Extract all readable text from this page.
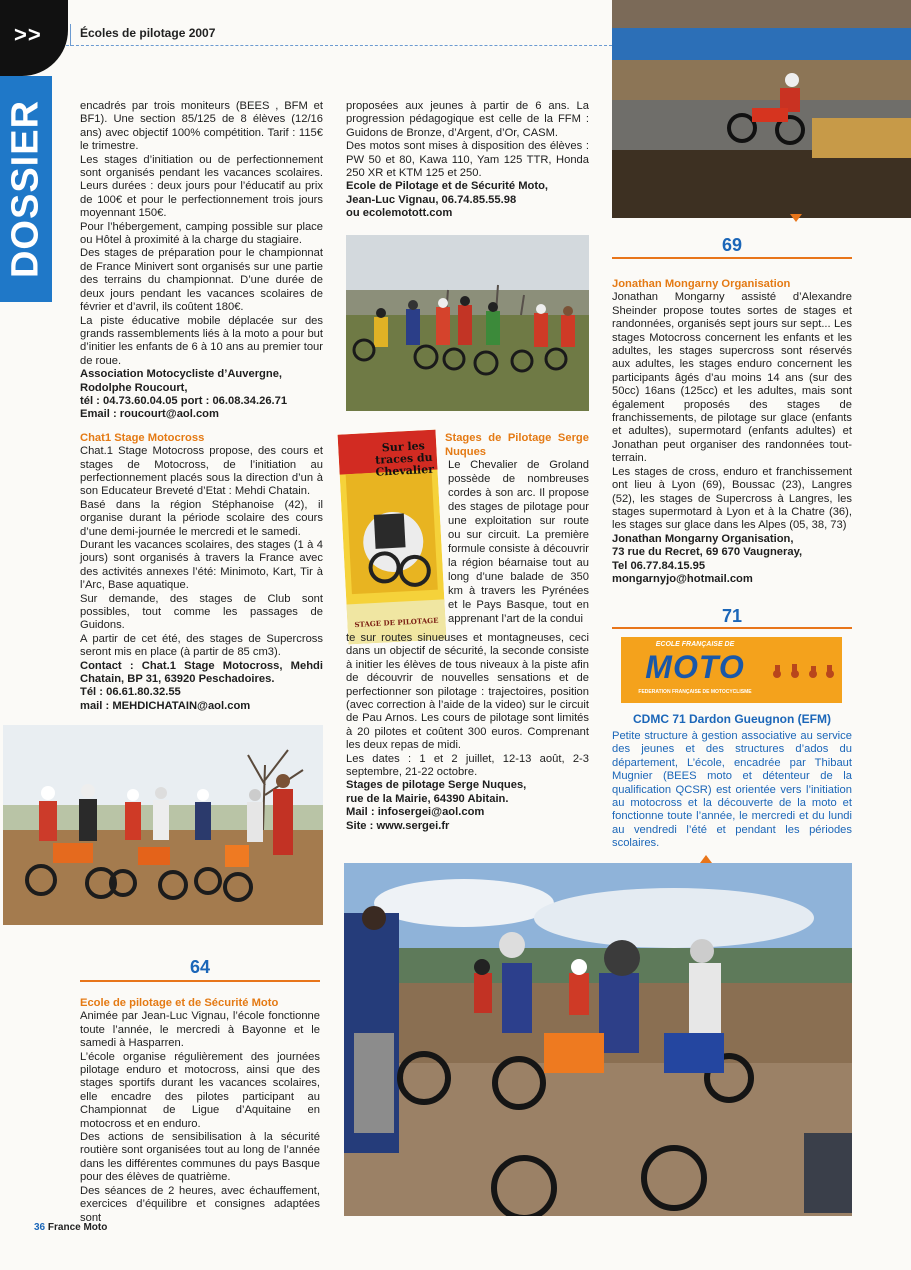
>>
DOSSIER
Écoles de pilotage 2007

encadrés par trois moniteurs (BEES , BFM et BF1). Une section 85/125 de 8 élèves (12/16 ans) avec objectif 100% compétition. Tarif : 115€ le trimestre.

Les stages d’initiation ou de perfectionnement sont organisés pendant les vacances scolaires. Leurs durées : deux jours pour l’éducatif au prix de 100€ et pour le perfectionnement trois jours moyennant 150€.

Pour l’hébergement, camping possible sur place ou Hôtel à proximité à la charge du stagiaire.

Des stages de préparation pour le championnat de France Minivert sont organisés sur une partie des terrains du championnat. D’une durée de deux jours pendant les vacances scolaires de février et d’avril, ils coûtent 180€.

La piste éducative mobile déplacée sur des grands rassemblements liés à la moto a pour but d’initier les enfants de 6 à 10 ans au premier tour de roue.

Association Motocycliste d’Auvergne,

Rodolphe Roucourt,

tél : 04.73.60.04.05 port : 06.08.34.26.71

Email : roucourt@aol.com

Chat1 Stage Motocross

Chat.1 Stage Motocross propose, des cours et stages de Motocross, de l’initiation au perfectionnement placés sous la direction d’un à son Educateur Breveté d’Etat : Mehdi Chatain.

Basé dans la région Stéphanoise (42), il organise durant la période scolaire des cours d’une demi-journée le mercredi et le samedi.

Durant les vacances scolaires, des stages (1 à 4 jours) sont organisés à travers la France avec des activités annexes l’été: Minimoto, Kart, Tir à l’Arc, Base aquatique.

Sur demande, des stages de Club sont possibles, tout comme les passages de Guidons.

A partir de cet été, des stages de Supercross seront mis en place (à partir de 85 cm3).

Contact : Chat.1 Stage Motocross, Mehdi Chatain, BP 31, 63920 Peschadoires.

Tél : 06.61.80.32.55

mail : MEHDICHATAIN@aol.com

64

Ecole de pilotage et de Sécurité Moto

Animée par Jean-Luc Vignau, l’école fonctionne toute l’année, le mercredi à Bayonne et le samedi à Hasparren.

L’école organise régulièrement des journées pilotage enduro et motocross, ainsi que des stages sportifs durant les vacances scolaires, elle encadre des pilotes participant au Championnat de Ligue d’Aquitaine en motocross et en enduro.

Des actions de sensibilisation à la sécurité routière sont organisées tout au long de l’année dans les différentes communes du pays Basque pour des élèves de quatrième.

Des séances de 2 heures, avec échauffement, exercices d’équilibre et consignes adaptées sont

proposées aux jeunes à partir de 6 ans. La progression pédagogique est celle de la FFM : Guidons de Bronze, d’Argent, d’Or, CASM.

Des motos sont mises à disposition des élèves : PW 50 et 80, Kawa 110, Yam 125 TTR, Honda 250 XR et KTM 125 et 250.

Ecole de Pilotage et de Sécurité Moto,

Jean-Luc Vignau, 06.74.85.55.98

ou ecolemotott.com

Sur les traces du Chevalier
STAGE DE PILOTAGE

Stages de Pilotage Serge Nuques

Le Chevalier de Groland possède de nombreuses cordes à son arc. Il propose des stages de pilotage pour une exploitation sur route ou sur circuit. La première formule consiste à découvrir la région béarnaise tout au long d’une balade de 350 km à travers les Pyrénées et le Pays Basque, tout en apprenant l’art de la condui

te sur routes sinueuses et montagneuses, ceci dans un objectif de sécurité, la seconde consiste à initier les élèves de tous niveaux à la piste afin de découvrir de nouvelles sensations et de perfectionner son pilotage : trajectoires, position (avec correction à l’aide de la video) sur le circuit de Pau Arnos. Les cours de pilotage sont limités à 20 pilotes et coûtent 300 euros. Comprenant les deux repas de midi.

Les dates : 1 et 2 juillet, 12-13 août, 2-3 septembre, 21-22 octobre.

Stages de pilotage Serge Nuques,

rue de la Mairie, 64390 Abitain.

Mail : infosergei@aol.com

Site : www.sergei.fr

69

Jonathan Mongarny Organisation

Jonathan Mongarny assisté d’Alexandre Sheinder propose toutes sortes de stages et randonnées, organisés sept jours sur sept... Les stages Motocross concernent les enfants et les adultes, les stages supercross sont réservés aux adultes, les stages enduro concernent les participants âgés d’au moins 14 ans (sur des 50cc) 16ans (125cc) et les adultes, mais sont également proposés des stages de franchissements, de pilotage sur glace (enfants et adultes), supermotard (enfants adultes) et Jonathan peut organiser des randonnées tout-terrain.

Les stages de cross, enduro et franchissement ont lieu à Lyon (69), Boussac (23), Langres (52), les stages de Supercross à Langres, les stages supermotard à Lyon et à la Chatre (36), les stages sur glace dans les Alpes (05, 38, 73)

Jonathan Mongarny Organisation,

73 rue du Recret, 69 670 Vaugneray,

Tel 06.77.84.15.95

mongarnyjo@hotmail.com

71
ECOLE FRANÇAISE DE
MOTO
FEDERATION FRANÇAISE DE MOTOCYCLISME

CDMC 71 Dardon Gueugnon (EFM)

Petite structure à gestion associative au service des jeunes et des structures d’ados du département, L’école, encadrée par Thibaut Mugnier (BEES moto et détenteur de la qualification QCSR) est orientée vers l’initiation au motocross et la découverte de la moto et fonctionne toute l’année, le mercredi et du lundi au vendredi l’été et pendant les périodes scolaires.

36 France Moto
